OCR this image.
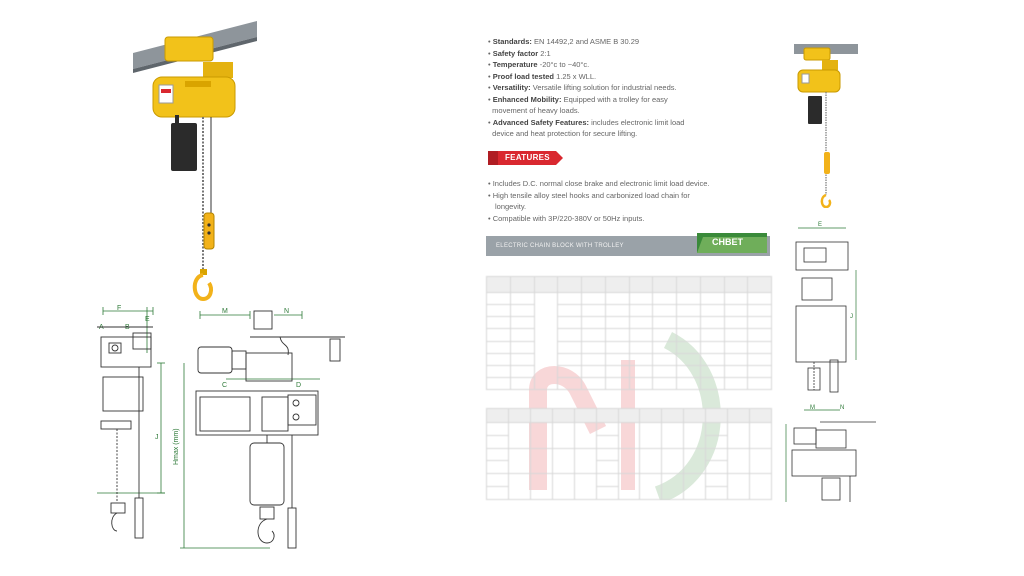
F
A	B
J
E
M	N
C	D
Hmax (mm)
• Standards: EN 14492,2 and ASME B 30.29
• Safety factor 2:1
• Temperature -20°c to ~40°c.
• Proof load tested 1.25 x WLL.
• Versatility: Versatile lifting solution for industrial needs.
• Enhanced Mobility: Equipped with a trolley for easy
movement of heavy loads.
• Advanced Safety Features: includes electronic limit load
device and heat protection for secure lifting.
FEATURES
• Includes D.C. normal close brake and electronic limit load device.
• High tensile alloy steel hooks and carbonized load chain for
longevity.
• Compatible with 3P/220-380V or 50Hz inputs.
ELECTRIC CHAIN BLOCK WITH TROLLEY	CHBET

E
J
M	N
